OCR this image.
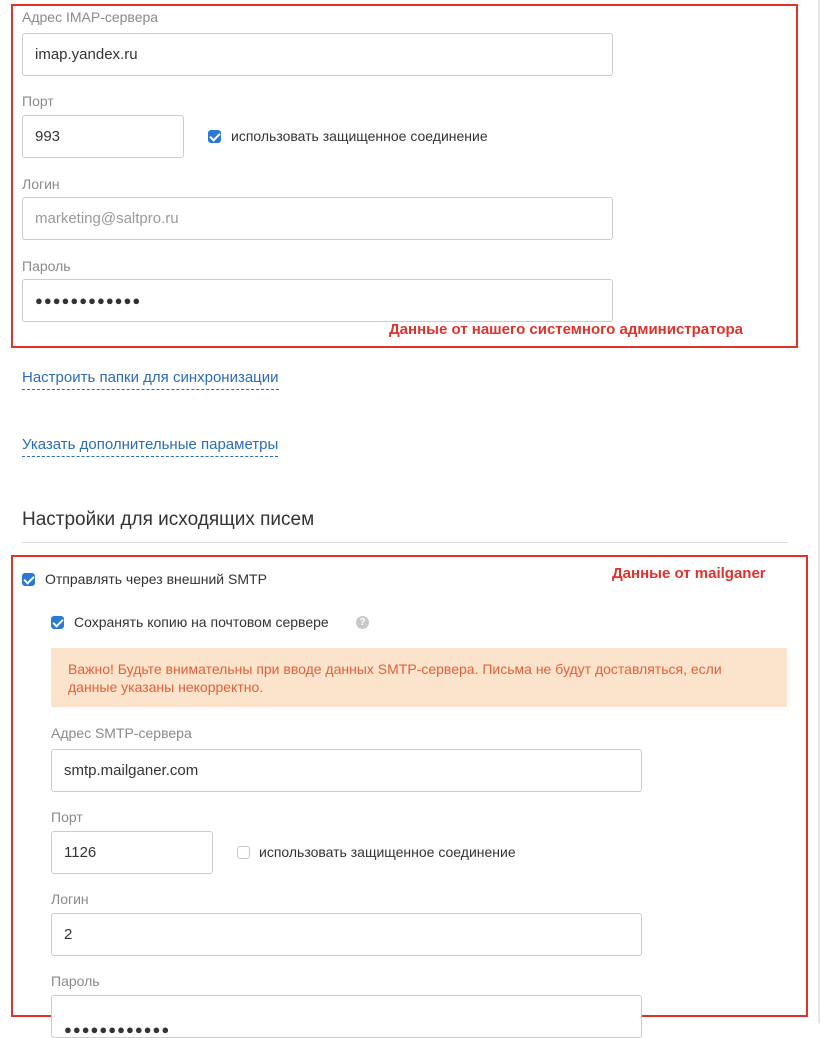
Адрес IMAP-сервера
imap.yandex.ru
Порт
993	использовать защищенное соединение
Логин
marketing@saltpro.ru
Пароль
●●●●●●●●●●●●
Данные от нашего системного администратора
Настроить папки для синхронизации
Указать дополнительные параметры
Настройки для исходящих писем
Данные от mailganer
Отправлять через внешний SMTP
Сохранять копию на почтовом сервере	?
Важно! Будьте внимательны при вводе данных SMTP-сервера. Письма не будут доставляться, если данные указаны некорректно.
Адрес SMTP-сервера
smtp.mailganer.com
Порт
1126	использовать защищенное соединение
Логин
2
Пароль
●●●●●●●●●●●●
